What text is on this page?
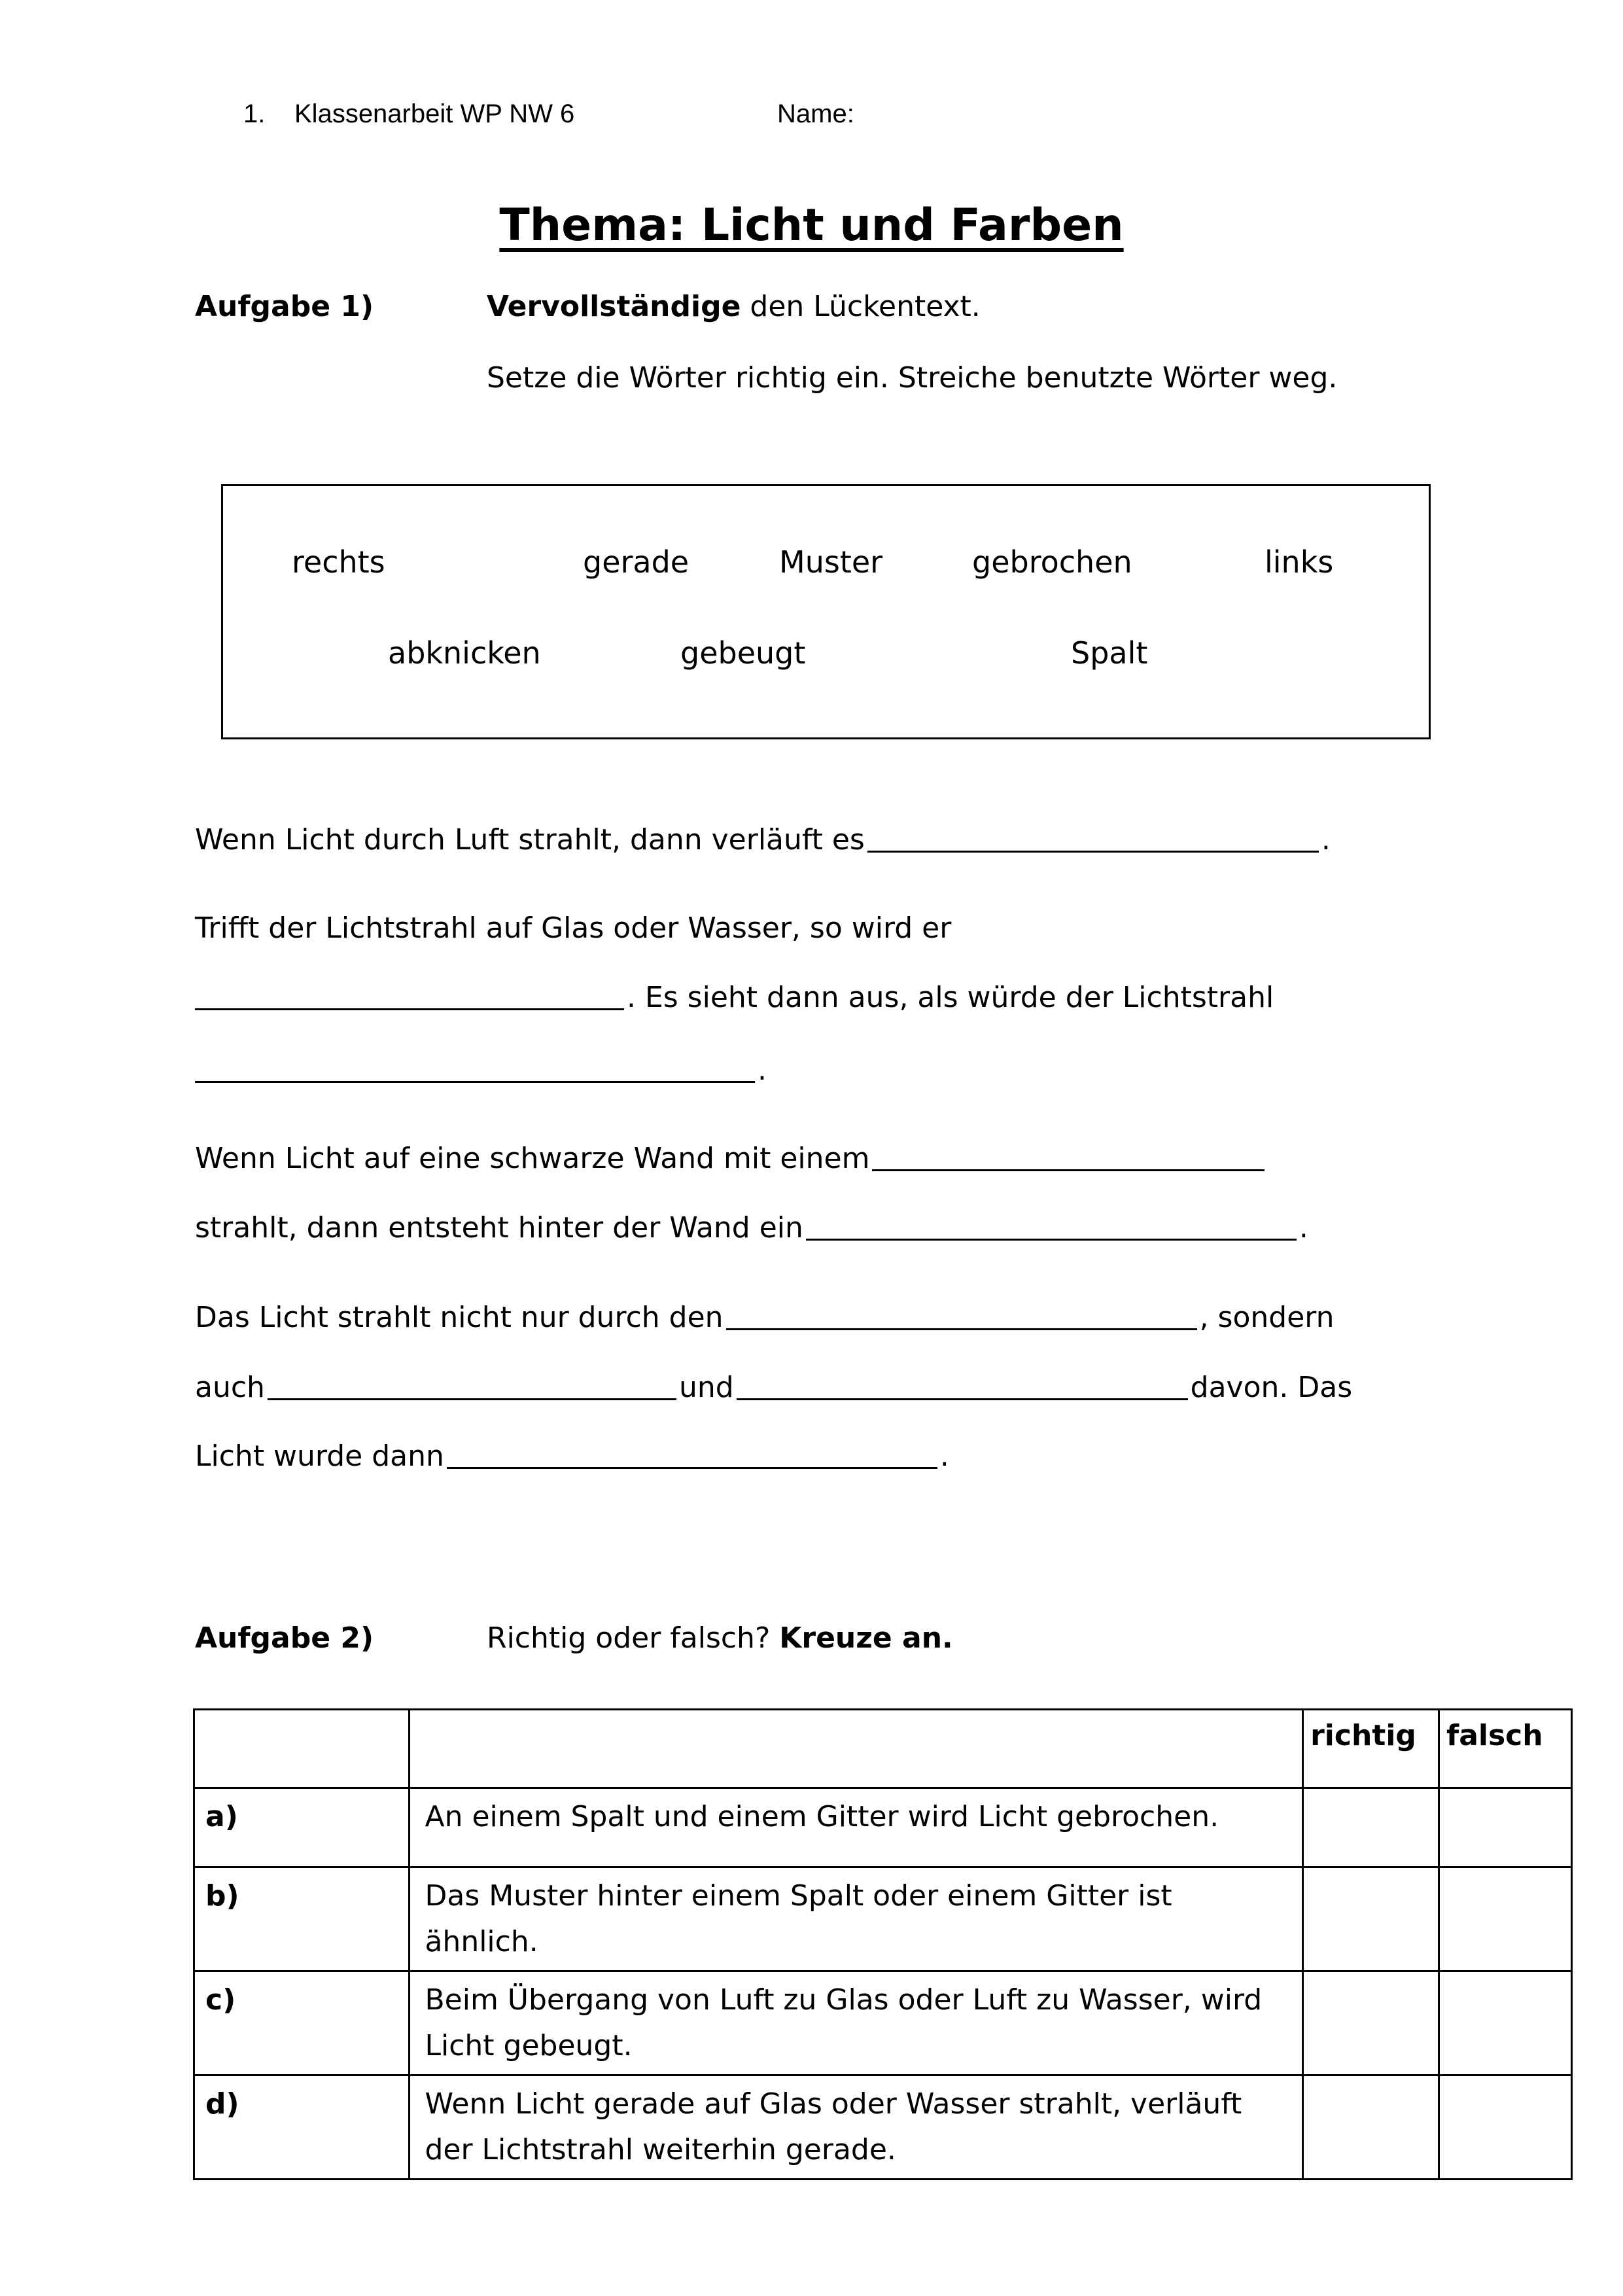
1. Klassenarbeit WP NW 6	Name:
Thema: Licht und Farben
Aufgabe 1)	Vervollständige den Lückentext.
Setze die Wörter richtig ein. Streiche benutzte Wörter weg.
rechts	gerade	Muster	gebrochen	links
abknicken	gebeugt	Spalt
Wenn Licht durch Luft strahlt, dann verläuft es	.
Trifft der Lichtstrahl auf Glas oder Wasser, so wird er
. Es sieht dann aus, als würde der Lichtstrahl
.
Wenn Licht auf eine schwarze Wand mit einem
strahlt, dann entsteht hinter der Wand ein	.
Das Licht strahlt nicht nur durch den	, sondern
auch	und	davon. Das
Licht wurde dann	.
Aufgabe 2)	Richtig oder falsch? Kreuze an.
		richtig	falsch
a)	An einem Spalt und einem Gitter wird Licht gebrochen.		
b)	Das Muster hinter einem Spalt oder einem Gitter ist ähnlich.		
c)	Beim Übergang von Luft zu Glas oder Luft zu Wasser, wird Licht gebeugt.		
d)	Wenn Licht gerade auf Glas oder Wasser strahlt, verläuft der Lichtstrahl weiterhin gerade.		
